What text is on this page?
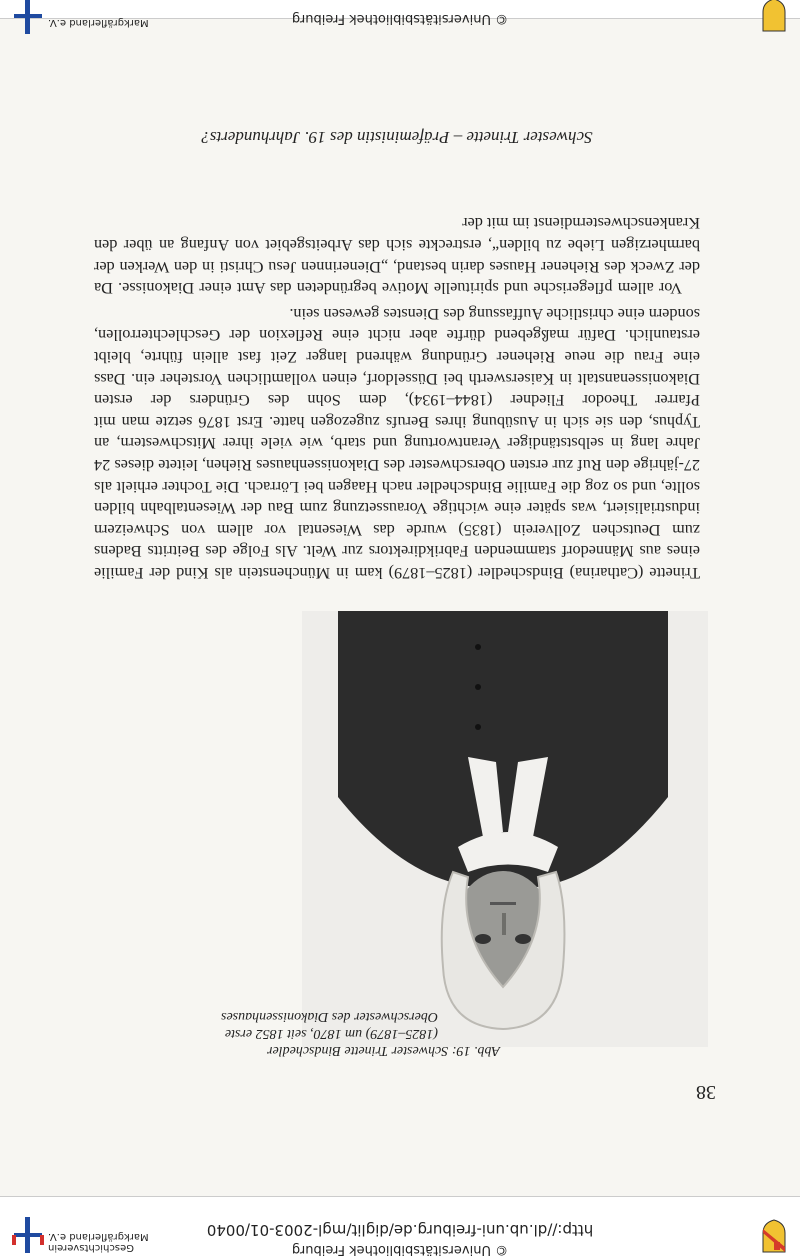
© Universitätsbibliothek Freiburg
http://dl.ub.uni-freiburg.de/diglit/mgl-2003-01/0040
Geschichtsverein
Markgräflerland e.V.
38
Abb. 19: Schwester Trinette Bindschedler
(1825–1879) um 1870, seit 1852 erste
Oberschwester des Diakonissenhauses

Trinette (Catharina) Bindschedler (1825–1879) kam in Münchenstein als Kind der Familie eines aus Männedorf stammenden Fabrikdirektors zur Welt. Als Folge des Beitritts Badens zum Deutschen Zollverein (1835) wurde das Wiesental vor allem von Schweizern industrialisiert, was später eine wichtige Voraussetzung zum Bau der Wiesentalbahn bilden sollte, und so zog die Familie Bindschedler nach Haagen bei Lörrach. Die Tochter erhielt als 27-jährige den Ruf zur ersten Oberschwester des Diakonissenhauses Riehen, leitete dieses 24 Jahre lang in selbstständiger Verantwortung und starb, wie viele ihrer Mitschwestern, an Typhus, den sie sich in Ausübung ihres Berufs zugezogen hatte. Erst 1876 setzte man mit Pfarrer Theodor Fliedner (1844–1934), dem Sohn des Gründers der ersten Diakonissenanstalt in Kaiserswerth bei Düsseldorf, einen vollamtlichen Vorsteher ein. Dass eine Frau die neue Riehener Gründung während langer Zeit fast allein führte, bleibt erstaunlich. Dafür maßgebend dürfte aber nicht eine Reflexion der Geschlechterrollen, sondern eine christliche Auffassung des Dienstes gewesen sein.

Vor allem pflegerische und spirituelle Motive begründeten das Amt einer Diakonisse. Da der Zweck des Riehener Hauses darin bestand, „Dienerinnen Jesu Christi in den Werken der barmherzigen Liebe zu bilden“, erstreckte sich das Arbeitsgebiet von Anfang an über den Krankenschwesterndienst im mit der

Schwester Trinette – Präfeministin des 19. Jahrhunderts?
© Universitätsbibliothek Freiburg
Markgräflerland e.V.
